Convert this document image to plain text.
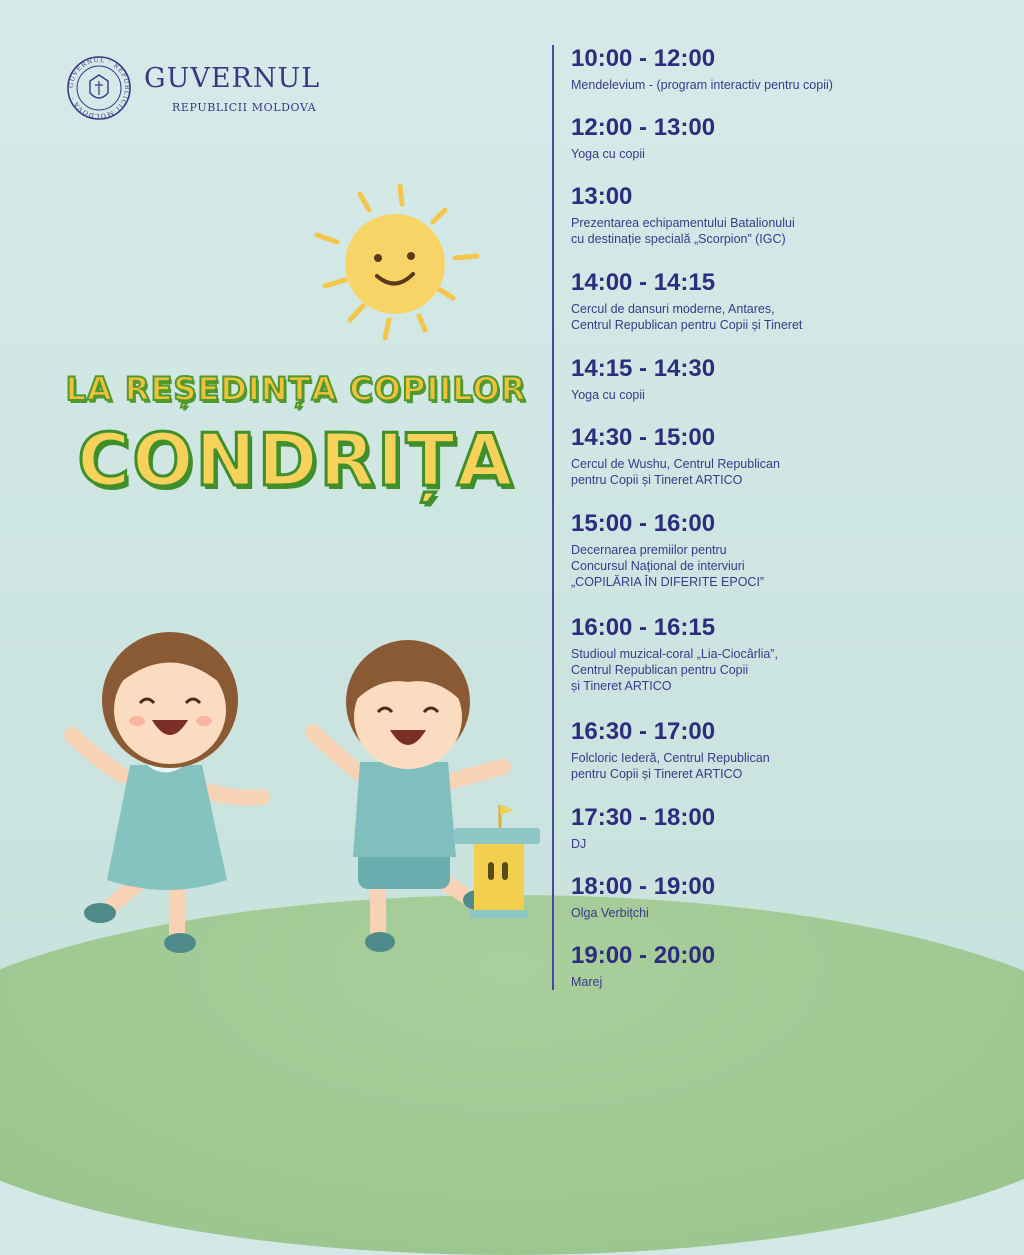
GUVERNUL · REPUBLICII MOLDOVA ·
GUVERNUL
REPUBLICII MOLDOVA
LA REȘEDINȚA COPIILOR
CONDRIȚA
10:00 - 12:00
Mendelevium - (program interactiv pentru copii)
12:00 - 13:00
Yoga cu copii
13:00
Prezentarea echipamentului Batalionului
cu destinație specială „Scorpion” (IGC)
14:00 - 14:15
Cercul de dansuri moderne, Antares,
Centrul Republican pentru Copii și Tineret
14:15 - 14:30
Yoga cu copii
14:30 - 15:00
Cercul de Wushu, Centrul Republican
pentru Copii și Tineret ARTICO
15:00 - 16:00
Decernarea premiilor pentru
Concursul Național de interviuri
„COPILĂRIA ÎN DIFERITE EPOCI”
16:00 - 16:15
Studioul muzical-coral „Lia-Ciocârlia”,
Centrul Republican pentru Copii
și Tineret ARTICO
16:30 - 17:00
Folcloric Iederă, Centrul Republican
pentru Copii și Tineret ARTICO
17:30 - 18:00
DJ
18:00 - 19:00
Olga Verbițchi
19:00 - 20:00
Marej
